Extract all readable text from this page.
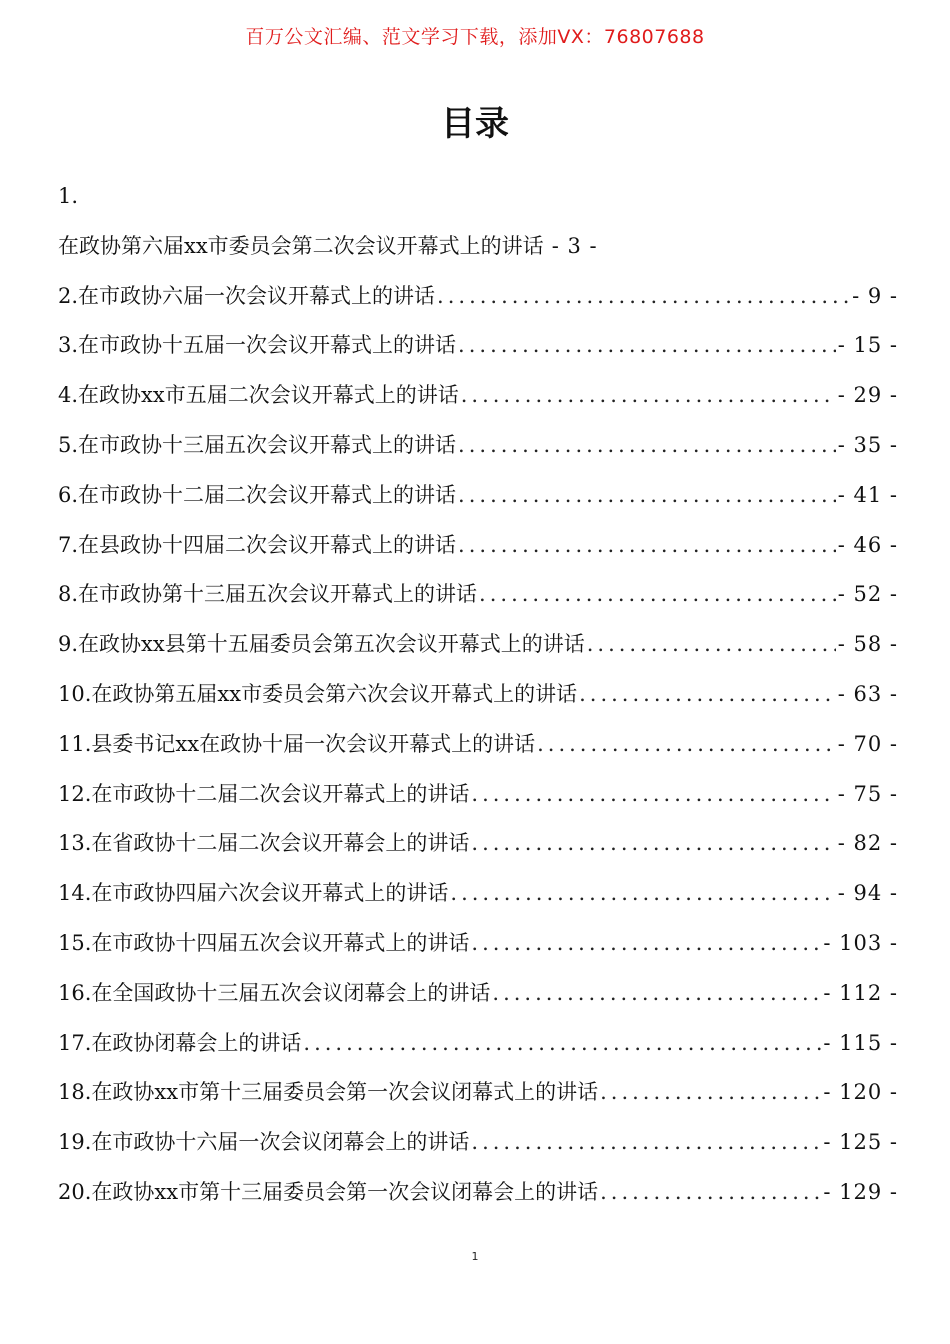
百万公文汇编、范文学习下载，添加VX：76807688
目录
1.
在政协第六届xx市委员会第二次会议开幕式上的讲话 - 3 -
2.在市政协六届一次会议开幕式上的讲话 .....	- 9 -
3.在市政协十五届一次会议开幕式上的讲话 .....	- 15 -
4.在政协xx市五届二次会议开幕式上的讲话 .....	- 29 -
5.在市政协十三届五次会议开幕式上的讲话 .....	- 35 -
6.在市政协十二届二次会议开幕式上的讲话 .....	- 41 -
7.在县政协十四届二次会议开幕式上的讲话 .....	- 46 -
8.在市政协第十三届五次会议开幕式上的讲话 .....	- 52 -
9.在政协xx县第十五届委员会第五次会议开幕式上的讲话 .....	- 58 -
10.在政协第五届xx市委员会第六次会议开幕式上的讲话 .....	- 63 -
11.县委书记xx在政协十届一次会议开幕式上的讲话 .....	- 70 -
12.在市政协十二届二次会议开幕式上的讲话 .....	- 75 -
13.在省政协十二届二次会议开幕会上的讲话 .....	- 82 -
14.在市政协四届六次会议开幕式上的讲话 .....	- 94 -
15.在市政协十四届五次会议开幕式上的讲话 .....	- 103 -
16.在全国政协十三届五次会议闭幕会上的讲话 .....	- 112 -
17.在政协闭幕会上的讲话 .....	- 115 -
18.在政协xx市第十三届委员会第一次会议闭幕式上的讲话 .....	- 120 -
19.在市政协十六届一次会议闭幕会上的讲话 .....	- 125 -
20.在政协xx市第十三届委员会第一次会议闭幕会上的讲话 .....	- 129 -
1
